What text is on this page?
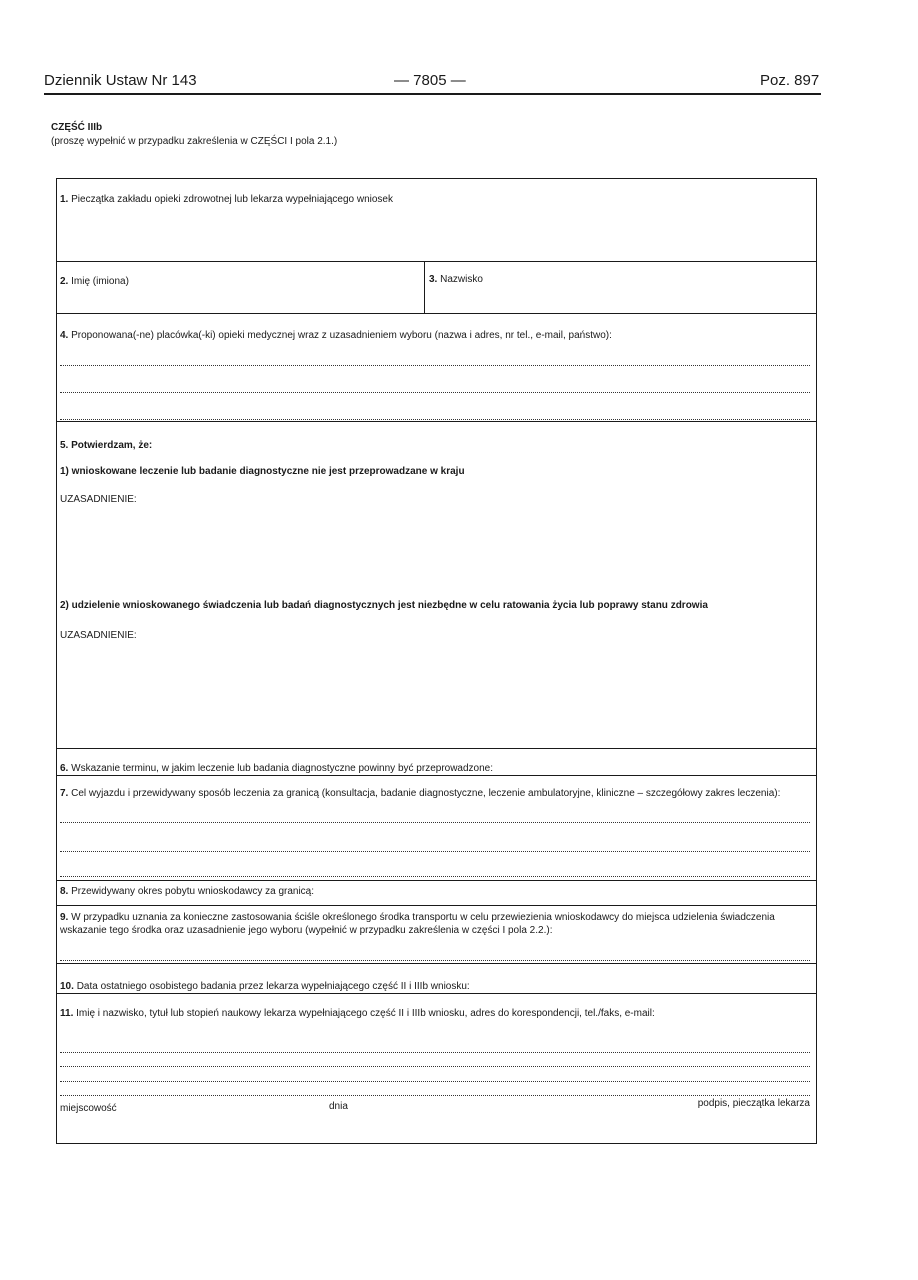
Dziennik Ustaw Nr 143	— 7805 —	Poz. 897
CZĘŚĆ IIIb
(proszę wypełnić w przypadku zakreślenia w CZĘŚCI I pola 2.1.)
1. Pieczątka zakładu opieki zdrowotnej lub lekarza wypełniającego wniosek
2. Imię (imiona)	3. Nazwisko
4. Proponowana(-ne) placówka(-ki) opieki medycznej wraz z uzasadnieniem wyboru (nazwa i adres, nr tel., e-mail, państwo):
5. Potwierdzam, że:
1) wnioskowane leczenie lub badanie diagnostyczne nie jest przeprowadzane w kraju
UZASADNIENIE:
2) udzielenie wnioskowanego świadczenia lub badań diagnostycznych jest niezbędne w celu ratowania życia lub poprawy stanu zdrowia
UZASADNIENIE:
6. Wskazanie terminu, w jakim leczenie lub badania diagnostyczne powinny być przeprowadzone:
7. Cel wyjazdu i przewidywany sposób leczenia za granicą (konsultacja, badanie diagnostyczne, leczenie ambulatoryjne, kliniczne – szczegółowy zakres leczenia):
8. Przewidywany okres pobytu wnioskodawcy za granicą:
9. W przypadku uznania za konieczne zastosowania ściśle określonego środka transportu w celu przewiezienia wnioskodawcy do miejsca udzielenia świadczenia wskazanie tego środka oraz uzasadnienie jego wyboru (wypełnić w przypadku zakreślenia w części I pola 2.2.):
10. Data ostatniego osobistego badania przez lekarza wypełniającego część II i IIIb wniosku:
11. Imię i nazwisko, tytuł lub stopień naukowy lekarza wypełniającego część II i IIIb wniosku, adres do korespondencji, tel./faks, e-mail:
miejscowość	dnia	podpis, pieczątka lekarza
